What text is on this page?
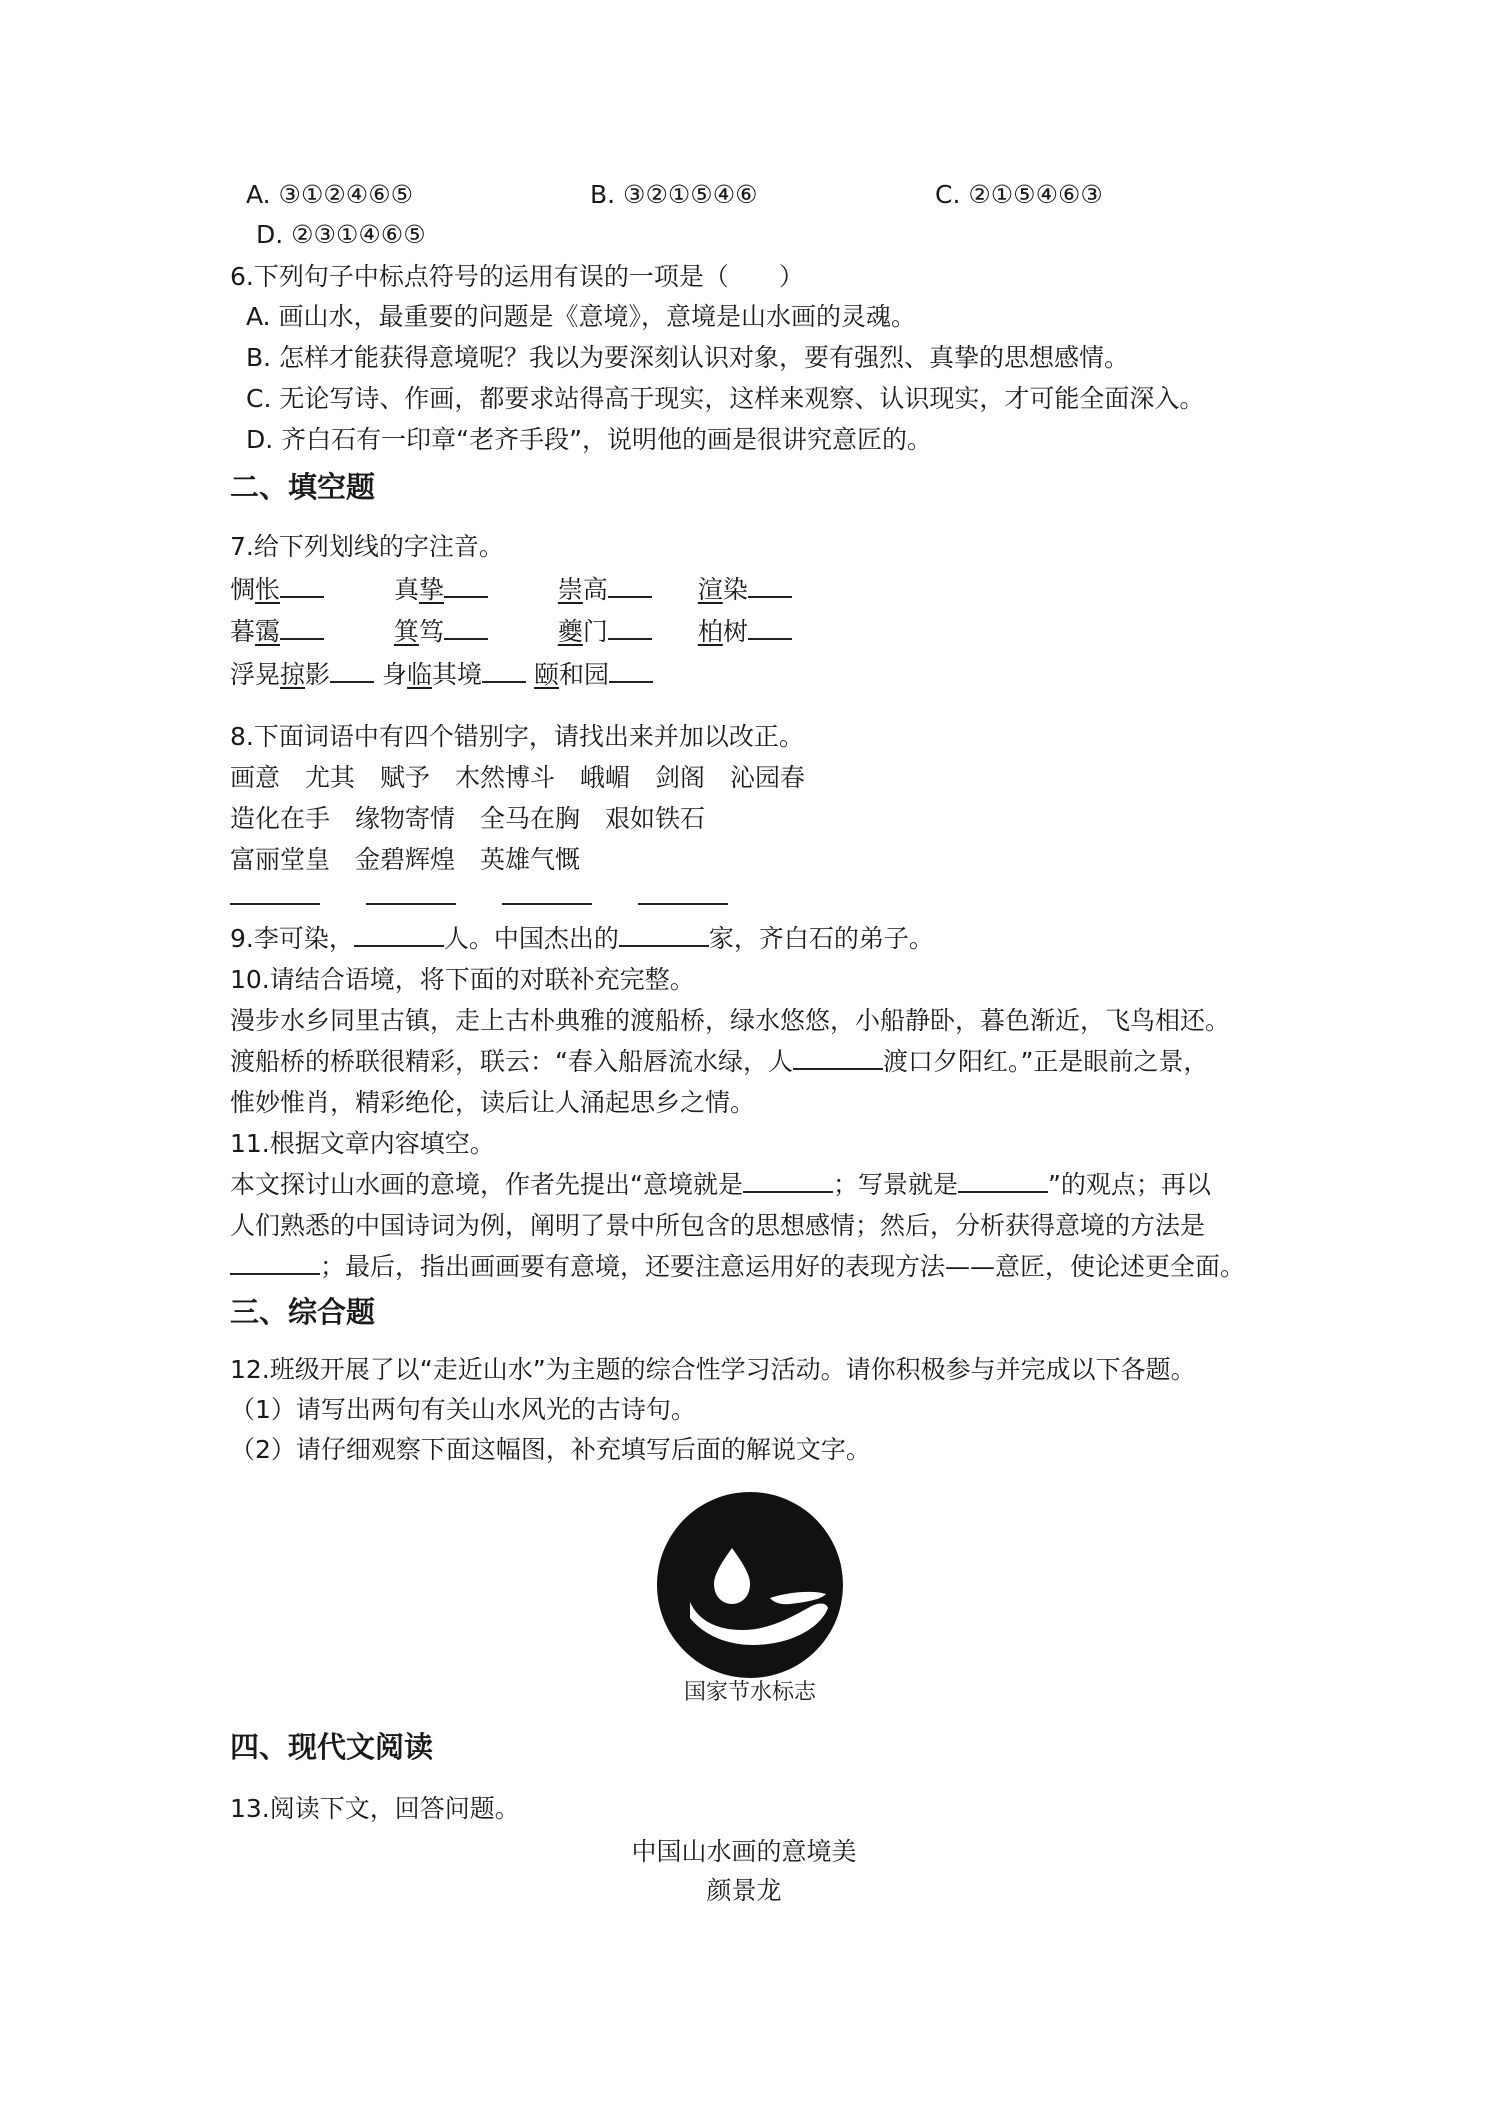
A. ③①②④⑥⑤	B. ③②①⑤④⑥	C. ②①⑤④⑥③
D. ②③①④⑥⑤
6.下列句子中标点符号的运用有误的一项是（　　）
A. 画山水，最重要的问题是《意境》，意境是山水画的灵魂。
B. 怎样才能获得意境呢？我以为要深刻认识对象，要有强烈、真挚的思想感情。
C. 无论写诗、作画，都要求站得高于现实，这样来观察、认识现实，才可能全面深入。
D. 齐白石有一印章“老齐手段”，说明他的画是很讲究意匠的。
二、填空题
7.给下列划线的字注音。
惆怅	真挚	崇高	渲染
暮霭	箕笃	夔门	柏树
浮晃掠影 身临其境 颐和园
8.下面词语中有四个错别字，请找出来并加以改正。
画意　尤其　赋予　木然博斗　峨嵋　剑阁　沁园春
造化在手　缘物寄情　全马在胸　艰如铁石
富丽堂皇　金碧辉煌　英雄气慨

9.李可染，	人。中国杰出的	家，齐白石的弟子。
10.请结合语境，将下面的对联补充完整。
漫步水乡同里古镇，走上古朴典雅的渡船桥，绿水悠悠，小船静卧，暮色渐近，飞鸟相还。
渡船桥的桥联很精彩，联云：“春入船唇流水绿，人	渡口夕阳红。”正是眼前之景，
惟妙惟肖，精彩绝伦，读后让人涌起思乡之情。
11.根据文章内容填空。
本文探讨山水画的意境，作者先提出“意境就是	；写景就是	”的观点；再以
人们熟悉的中国诗词为例，阐明了景中所包含的思想感情；然后，分析获得意境的方法是
；最后，指出画画要有意境，还要注意运用好的表现方法——意匠，使论述更全面。
三、综合题
12.班级开展了以“走近山水”为主题的综合性学习活动。请你积极参与并完成以下各题。
（1）请写出两句有关山水风光的古诗句。
（2）请仔细观察下面这幅图，补充填写后面的解说文字。
国家节水标志
四、现代文阅读
13.阅读下文，回答问题。
中国山水画的意境美
颜景龙
